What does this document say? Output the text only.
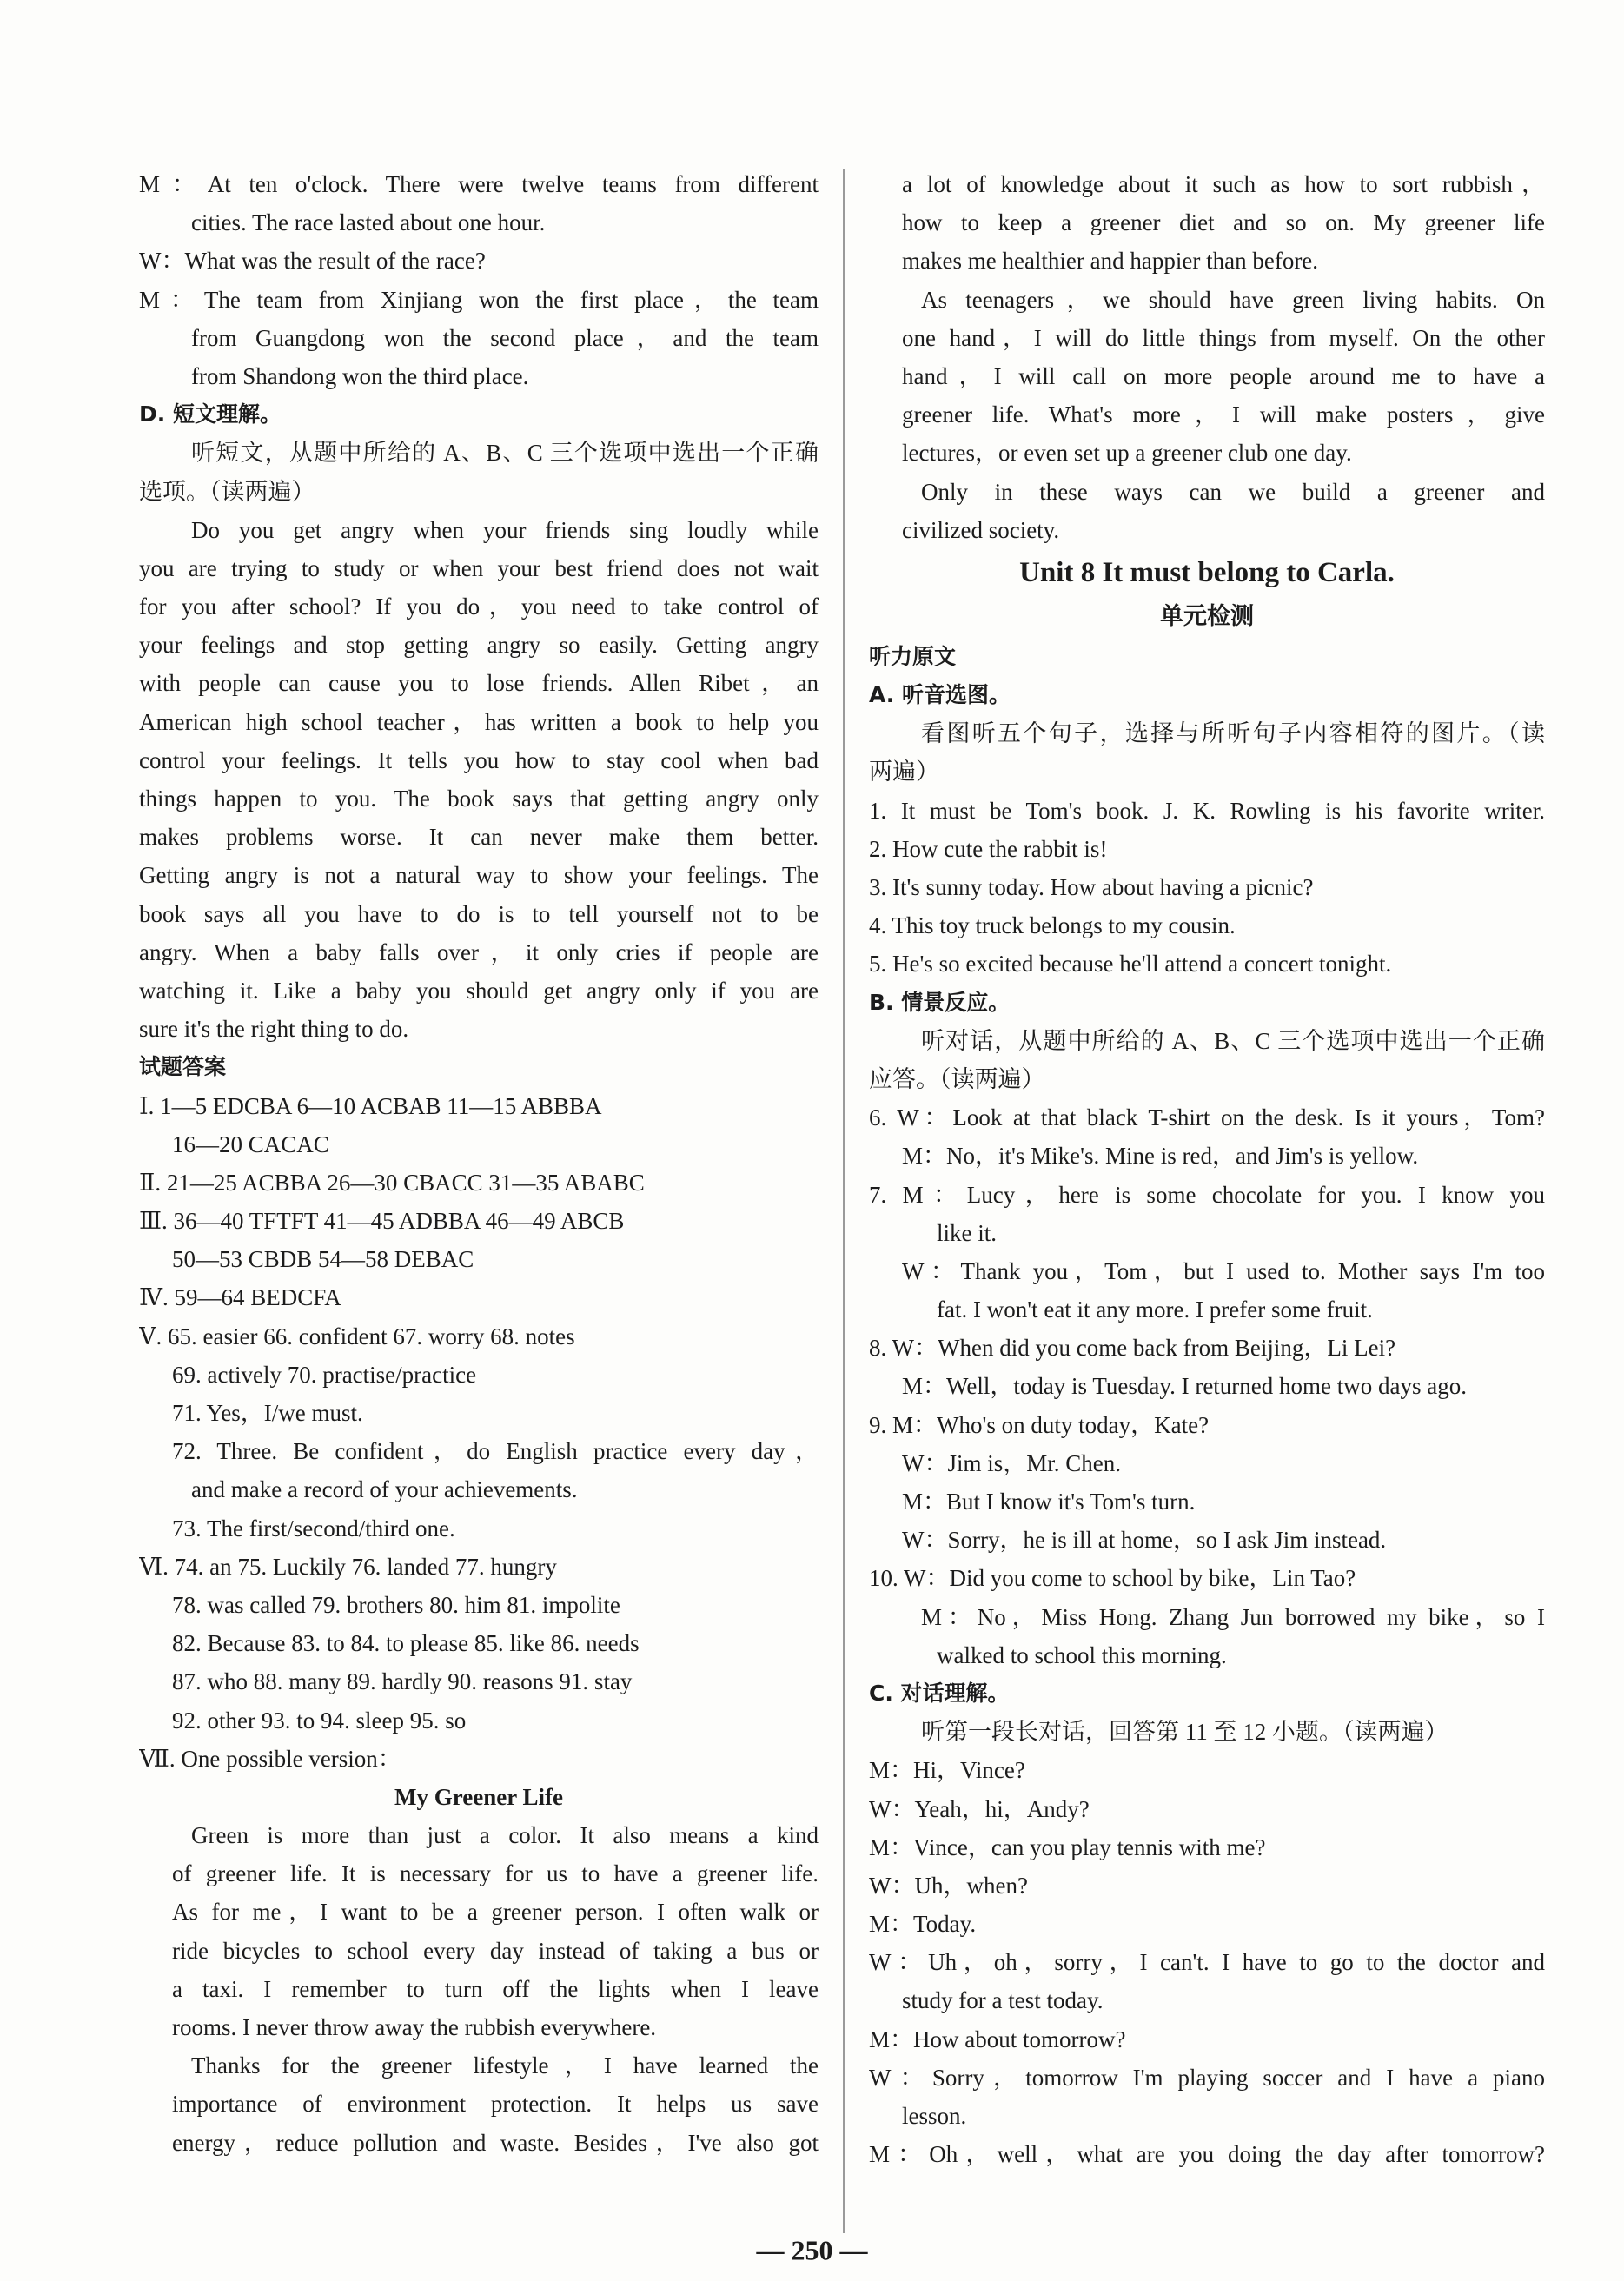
M：At ten o'clock. There were twelve teams from different
cities. The race lasted about one hour.
W：What was the result of the race?
M：The team from Xinjiang won the first place，the team
from Guangdong won the second place，and the team
from Shandong won the third place.
D. 短文理解。
听短文，从题中所给的 A、B、C 三个选项中选出一个正确
选项。（读两遍）
Do you get angry when your friends sing loudly while
you are trying to study or when your best friend does not wait
for you after school? If you do，you need to take control of
your feelings and stop getting angry so easily. Getting angry
with people can cause you to lose friends. Allen Ribet，an
American high school teacher，has written a book to help you
control your feelings. It tells you how to stay cool when bad
things happen to you. The book says that getting angry only
makes problems worse. It can never make them better.
Getting angry is not a natural way to show your feelings. The
book says all you have to do is to tell yourself not to be
angry. When a baby falls over，it only cries if people are
watching it. Like a baby you should get angry only if you are
sure it's the right thing to do.
试题答案
Ⅰ. 1—5 EDCBA 6—10 ACBAB 11—15 ABBBA
16—20 CACAC
Ⅱ. 21—25 ACBBA 26—30 CBACC 31—35 ABABC
Ⅲ. 36—40 TFTFT 41—45 ADBBA 46—49 ABCB
50—53 CBDB 54—58 DEBAC
Ⅳ. 59—64 BEDCFA
Ⅴ. 65. easier 66. confident 67. worry 68. notes
69. actively 70. practise/practice
71. Yes，I/we must.
72. Three. Be confident，do English practice every day，
and make a record of your achievements.
73. The first/second/third one.
Ⅵ. 74. an 75. Luckily 76. landed 77. hungry
78. was called 79. brothers 80. him 81. impolite
82. Because 83. to 84. to please 85. like 86. needs
87. who 88. many 89. hardly 90. reasons 91. stay
92. other 93. to 94. sleep 95. so
Ⅶ. One possible version：
My Greener Life
Green is more than just a color. It also means a kind
of greener life. It is necessary for us to have a greener life.
As for me，I want to be a greener person. I often walk or
ride bicycles to school every day instead of taking a bus or
a taxi. I remember to turn off the lights when I leave
rooms. I never throw away the rubbish everywhere.
Thanks for the greener lifestyle，I have learned the
importance of environment protection. It helps us save
energy，reduce pollution and waste. Besides，I've also got
a lot of knowledge about it such as how to sort rubbish，
how to keep a greener diet and so on. My greener life
makes me healthier and happier than before.
As teenagers，we should have green living habits. On
one hand，I will do little things from myself. On the other
hand，I will call on more people around me to have a
greener life. What's more，I will make posters，give
lectures，or even set up a greener club one day.
Only in these ways can we build a greener and
civilized society.
Unit 8 It must belong to Carla.
单元检测
听力原文
A. 听音选图。
看图听五个句子，选择与所听句子内容相符的图片。（读
两遍）
1. It must be Tom's book. J. K. Rowling is his favorite writer.
2. How cute the rabbit is!
3. It's sunny today. How about having a picnic?
4. This toy truck belongs to my cousin.
5. He's so excited because he'll attend a concert tonight.
B. 情景反应。
听对话，从题中所给的 A、B、C 三个选项中选出一个正确
应答。（读两遍）
6. W：Look at that black T-shirt on the desk. Is it yours，Tom?
M：No，it's Mike's. Mine is red，and Jim's is yellow.
7. M：Lucy，here is some chocolate for you. I know you
like it.
W：Thank you，Tom，but I used to. Mother says I'm too
fat. I won't eat it any more. I prefer some fruit.
8. W：When did you come back from Beijing，Li Lei?
M：Well，today is Tuesday. I returned home two days ago.
9. M：Who's on duty today，Kate?
W：Jim is，Mr. Chen.
M：But I know it's Tom's turn.
W：Sorry，he is ill at home，so I ask Jim instead.
10. W：Did you come to school by bike，Lin Tao?
M：No，Miss Hong. Zhang Jun borrowed my bike，so I
walked to school this morning.
C. 对话理解。
听第一段长对话，回答第 11 至 12 小题。（读两遍）
M：Hi，Vince?
W：Yeah，hi，Andy?
M：Vince，can you play tennis with me?
W：Uh，when?
M：Today.
W：Uh，oh，sorry，I can't. I have to go to the doctor and
study for a test today.
M：How about tomorrow?
W：Sorry，tomorrow I'm playing soccer and I have a piano
lesson.
M：Oh，well，what are you doing the day after tomorrow?
— 250 —
